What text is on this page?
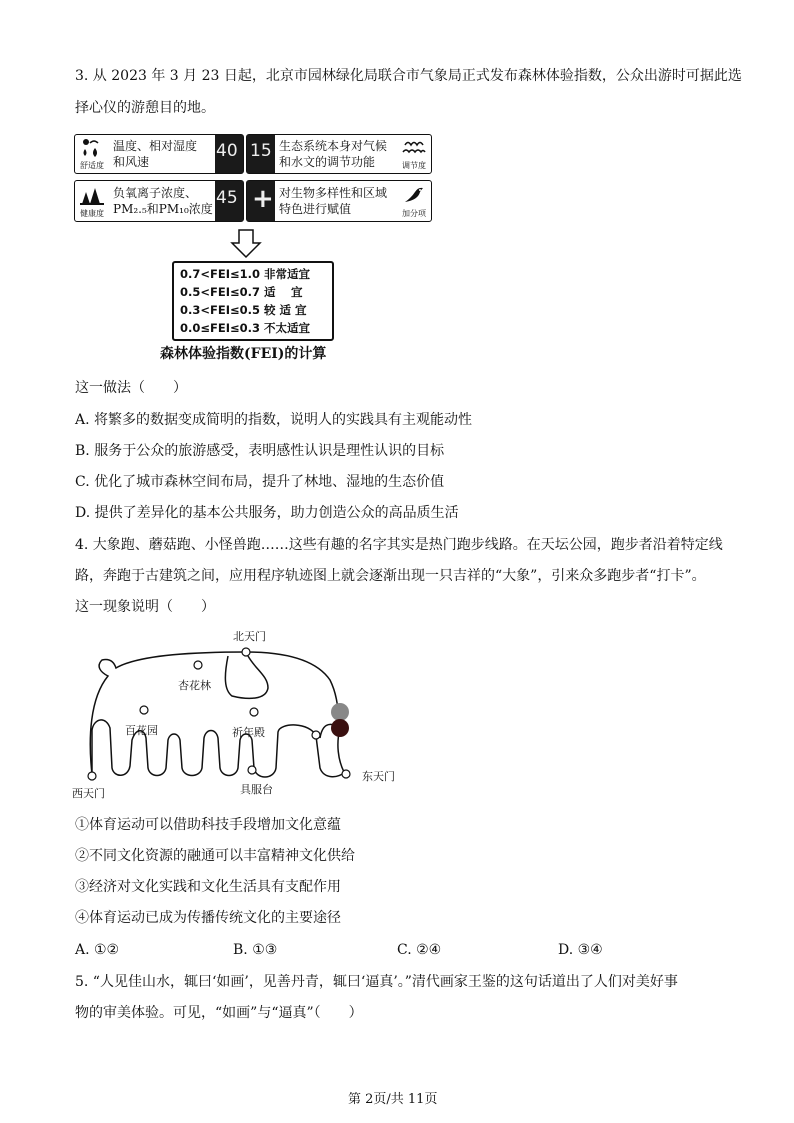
3. 从 2023 年 3 月 23 日起，北京市园林绿化局联合市气象局正式发布森林体验指数，公众出游时可据此选
择心仪的游憩目的地。
舒适度
温度、相对湿度
和风速
40 15 生态系统本身对气候
和水文的调节功能	调节度
健康度
负氧离子浓度、
PM₂.₅和PM₁₀浓度
45 + 对生物多样性和区域
特色进行赋值	加分项
0.7<FEI≤1.0 非常适宜
0.5<FEI≤0.7 适 　宜
0.3<FEI≤0.5 较 适 宜
0.0≤FEI≤0.3 不太适宜
森林体验指数(FEI)的计算
这一做法（　　）
A. 将繁多的数据变成简明的指数，说明人的实践具有主观能动性
B. 服务于公众的旅游感受，表明感性认识是理性认识的目标
C. 优化了城市森林空间布局，提升了林地、湿地的生态价值
D. 提供了差异化的基本公共服务，助力创造公众的高品质生活
4. 大象跑、蘑菇跑、小怪兽跑……这些有趣的名字其实是热门跑步线路。在天坛公园，跑步者沿着特定线
路，奔跑于古建筑之间，应用程序轨迹图上就会逐渐出现一只吉祥的“大象”，引来众多跑步者“打卡”。
这一现象说明（　　）
北天门
杏花林
百花园	祈年殿
东天门
西天门	具服台
①体育运动可以借助科技手段增加文化意蕴
②不同文化资源的融通可以丰富精神文化供给
③经济对文化实践和文化生活具有支配作用
④体育运动已成为传播传统文化的主要途径
A. ①②	B. ①③	C. ②④	D. ③④
5. “人见佳山水，辄曰‘如画’，见善丹青，辄曰‘逼真’。”清代画家王鉴的这句话道出了人们对美好事
物的审美体验。可见，“如画”与“逼真”（　　）
第 2页/共 11页
